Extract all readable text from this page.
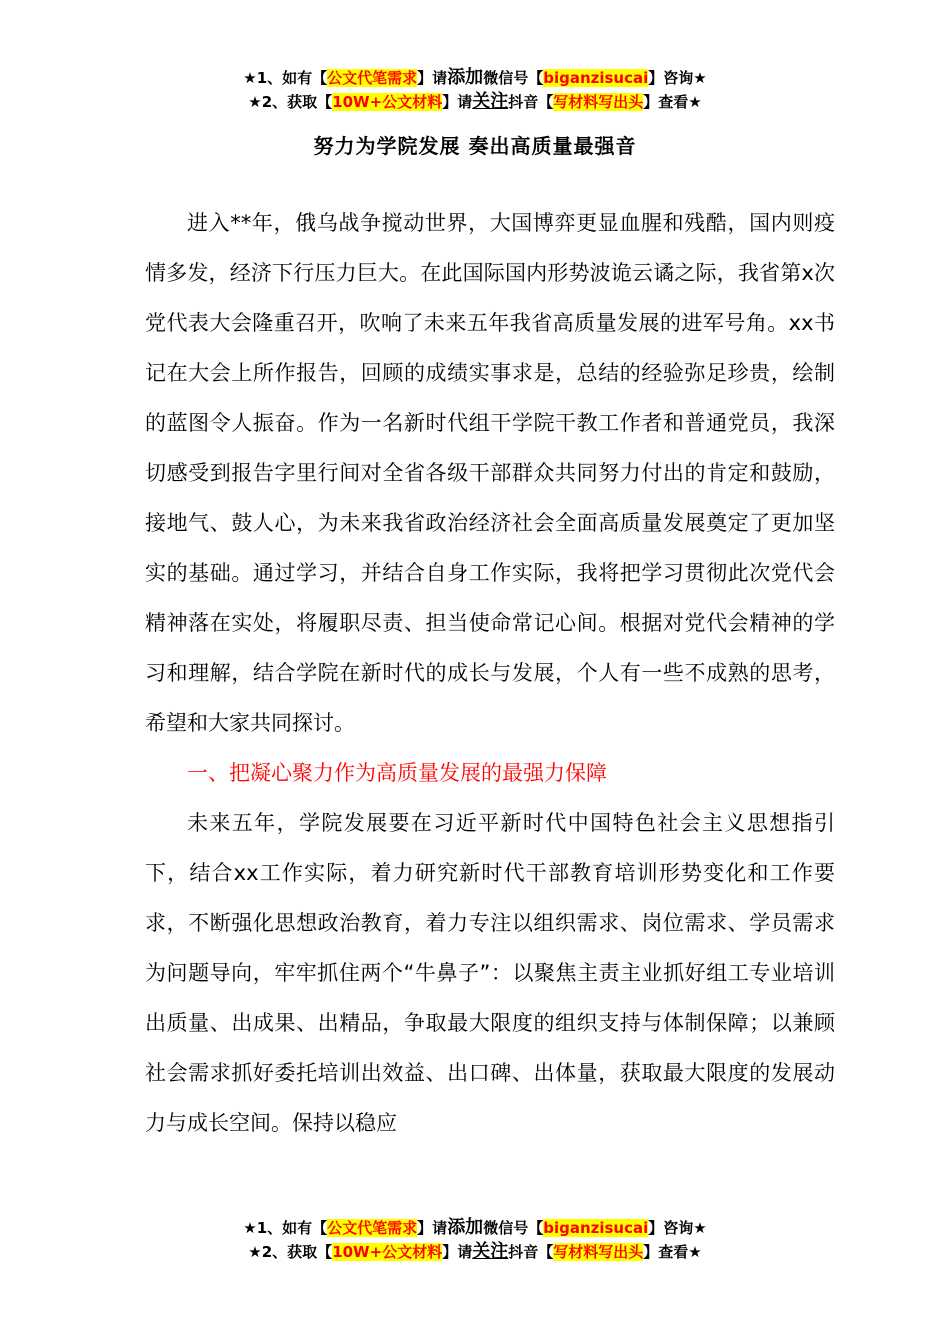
★1、如有【公文代笔需求】请添加微信号【biganzisucai】咨询★
★2、获取【10W+公文材料】请关注抖音【写材料写出头】查看★
努力为学院发展 奏出高质量最强音

进入**年，俄乌战争搅动世界，大国博弈更显血腥和残酷，国内则疫情多发，经济下行压力巨大。在此国际国内形势波诡云谲之际，我省第x次党代表大会隆重召开，吹响了未来五年我省高质量发展的进军号角。xx书记在大会上所作报告，回顾的成绩实事求是，总结的经验弥足珍贵，绘制的蓝图令人振奋。作为一名新时代组干学院干教工作者和普通党员，我深切感受到报告字里行间对全省各级干部群众共同努力付出的肯定和鼓励，接地气、鼓人心，为未来我省政治经济社会全面高质量发展奠定了更加坚实的基础。通过学习，并结合自身工作实际，我将把学习贯彻此次党代会精神落在实处，将履职尽责、担当使命常记心间。根据对党代会精神的学习和理解，结合学院在新时代的成长与发展，个人有一些不成熟的思考，希望和大家共同探讨。

一、把凝心聚力作为高质量发展的最强力保障

未来五年，学院发展要在习近平新时代中国特色社会主义思想指引下，结合xx工作实际，着力研究新时代干部教育培训形势变化和工作要求，不断强化思想政治教育，着力专注以组织需求、岗位需求、学员需求为问题导向，牢牢抓住两个“牛鼻子”：以聚焦主责主业抓好组工专业培训出质量、出成果、出精品，争取最大限度的组织支持与体制保障；以兼顾社会需求抓好委托培训出效益、出口碑、出体量，获取最大限度的发展动力与成长空间。保持以稳应

★1、如有【公文代笔需求】请添加微信号【biganzisucai】咨询★
★2、获取【10W+公文材料】请关注抖音【写材料写出头】查看★
